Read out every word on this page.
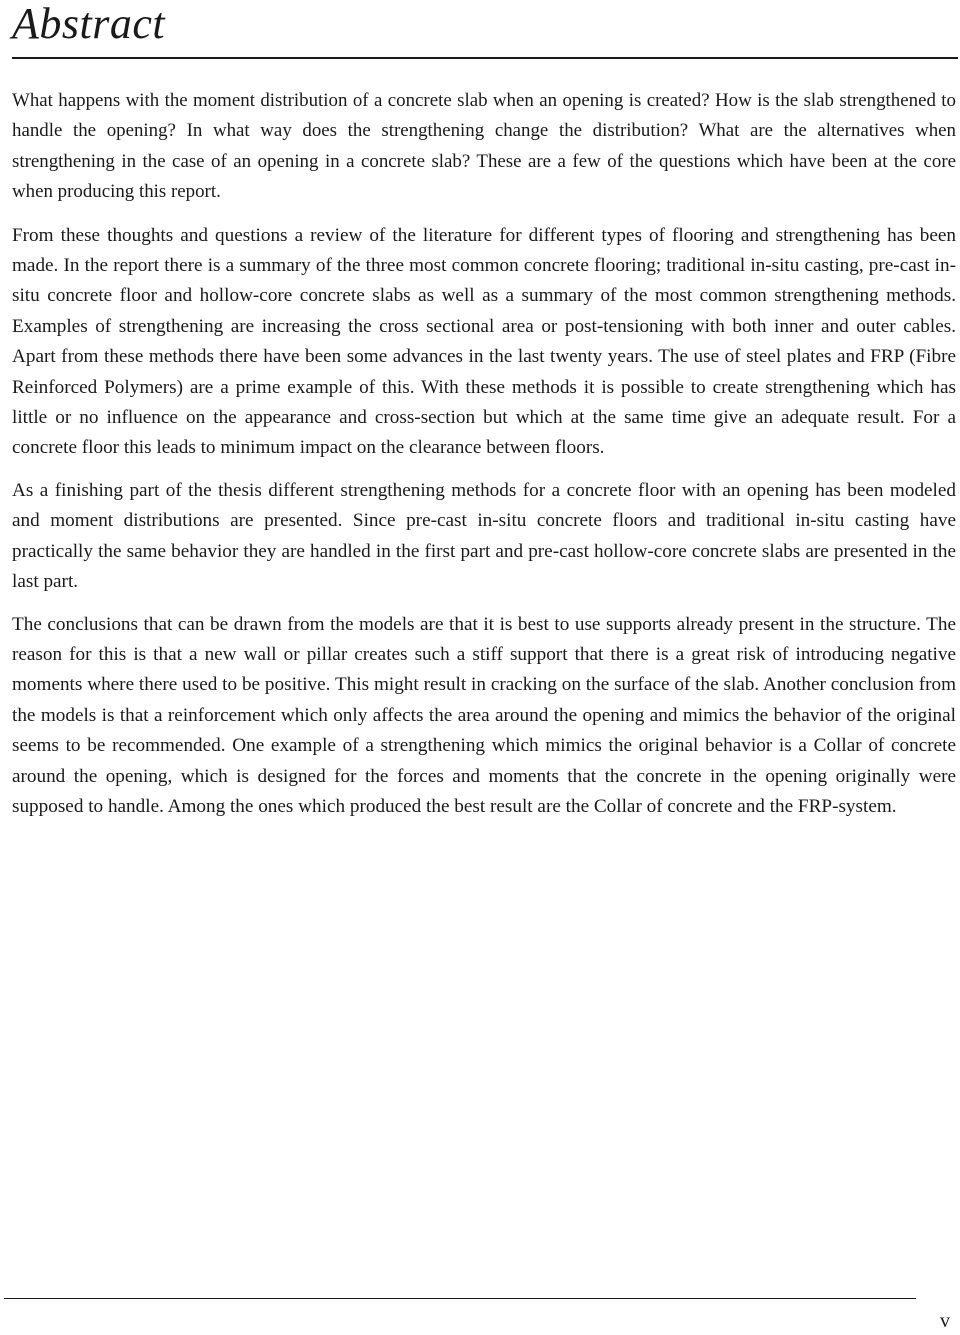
Abstract

What happens with the moment distribution of a concrete slab when an opening is created? How is the slab strengthened to handle the opening? In what way does the strengthening change the distribution? What are the alternatives when strengthening in the case of an opening in a concrete slab? These are a few of the questions which have been at the core when producing this report.

From these thoughts and questions a review of the literature for different types of flooring and strengthening has been made. In the report there is a summary of the three most common concrete flooring; traditional in-situ casting, pre-cast in-situ concrete floor and hollow-core concrete slabs as well as a summary of the most common strengthening methods. Examples of strengthening are increasing the cross sectional area or post-tensioning with both inner and outer cables. Apart from these methods there have been some advances in the last twenty years. The use of steel plates and FRP (Fibre Reinforced Polymers) are a prime example of this. With these methods it is possible to create strengthening which has little or no influence on the appearance and cross-section but which at the same time give an adequate result. For a concrete floor this leads to minimum impact on the clearance between floors.

As a finishing part of the thesis different strengthening methods for a concrete floor with an opening has been modeled and moment distributions are presented. Since pre-cast in-situ concrete floors and traditional in-situ casting have practically the same behavior they are handled in the first part and pre-cast hollow-core concrete slabs are presented in the last part.

The conclusions that can be drawn from the models are that it is best to use supports already present in the structure. The reason for this is that a new wall or pillar creates such a stiff support that there is a great risk of introducing negative moments where there used to be positive. This might result in cracking on the surface of the slab. Another conclusion from the models is that a reinforcement which only affects the area around the opening and mimics the behavior of the original seems to be recommended. One example of a strengthening which mimics the original behavior is a Collar of concrete around the opening, which is designed for the forces and moments that the concrete in the opening originally were supposed to handle. Among the ones which produced the best result are the Collar of concrete and the FRP-system.

v
